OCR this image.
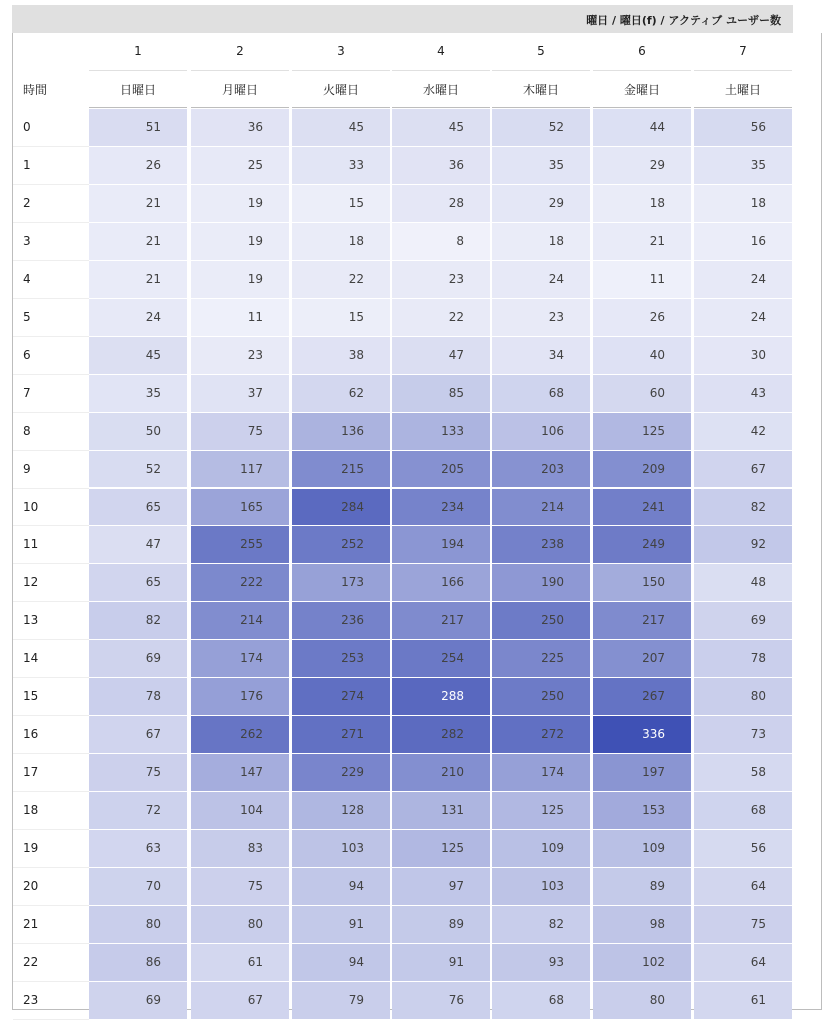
曜日 / 曜日(f) / アクティブ ユーザー数
1	2	3	4	5	6	7
時間	日曜日	月曜日	火曜日	水曜日	木曜日	金曜日	土曜日
0	51	36	45	45	52	44	56
1	26	25	33	36	35	29	35
2	21	19	15	28	29	18	18
3	21	19	18	8	18	21	16
4	21	19	22	23	24	11	24
5	24	11	15	22	23	26	24
6	45	23	38	47	34	40	30
7	35	37	62	85	68	60	43
8	50	75	136	133	106	125	42
9	52	117	215	205	203	209	67
10	65	165	284	234	214	241	82
11	47	255	252	194	238	249	92
12	65	222	173	166	190	150	48
13	82	214	236	217	250	217	69
14	69	174	253	254	225	207	78
15	78	176	274	288	250	267	80
16	67	262	271	282	272	336	73
17	75	147	229	210	174	197	58
18	72	104	128	131	125	153	68
19	63	83	103	125	109	109	56
20	70	75	94	97	103	89	64
21	80	80	91	89	82	98	75
22	86	61	94	91	93	102	64
23	69	67	79	76	68	80	61
